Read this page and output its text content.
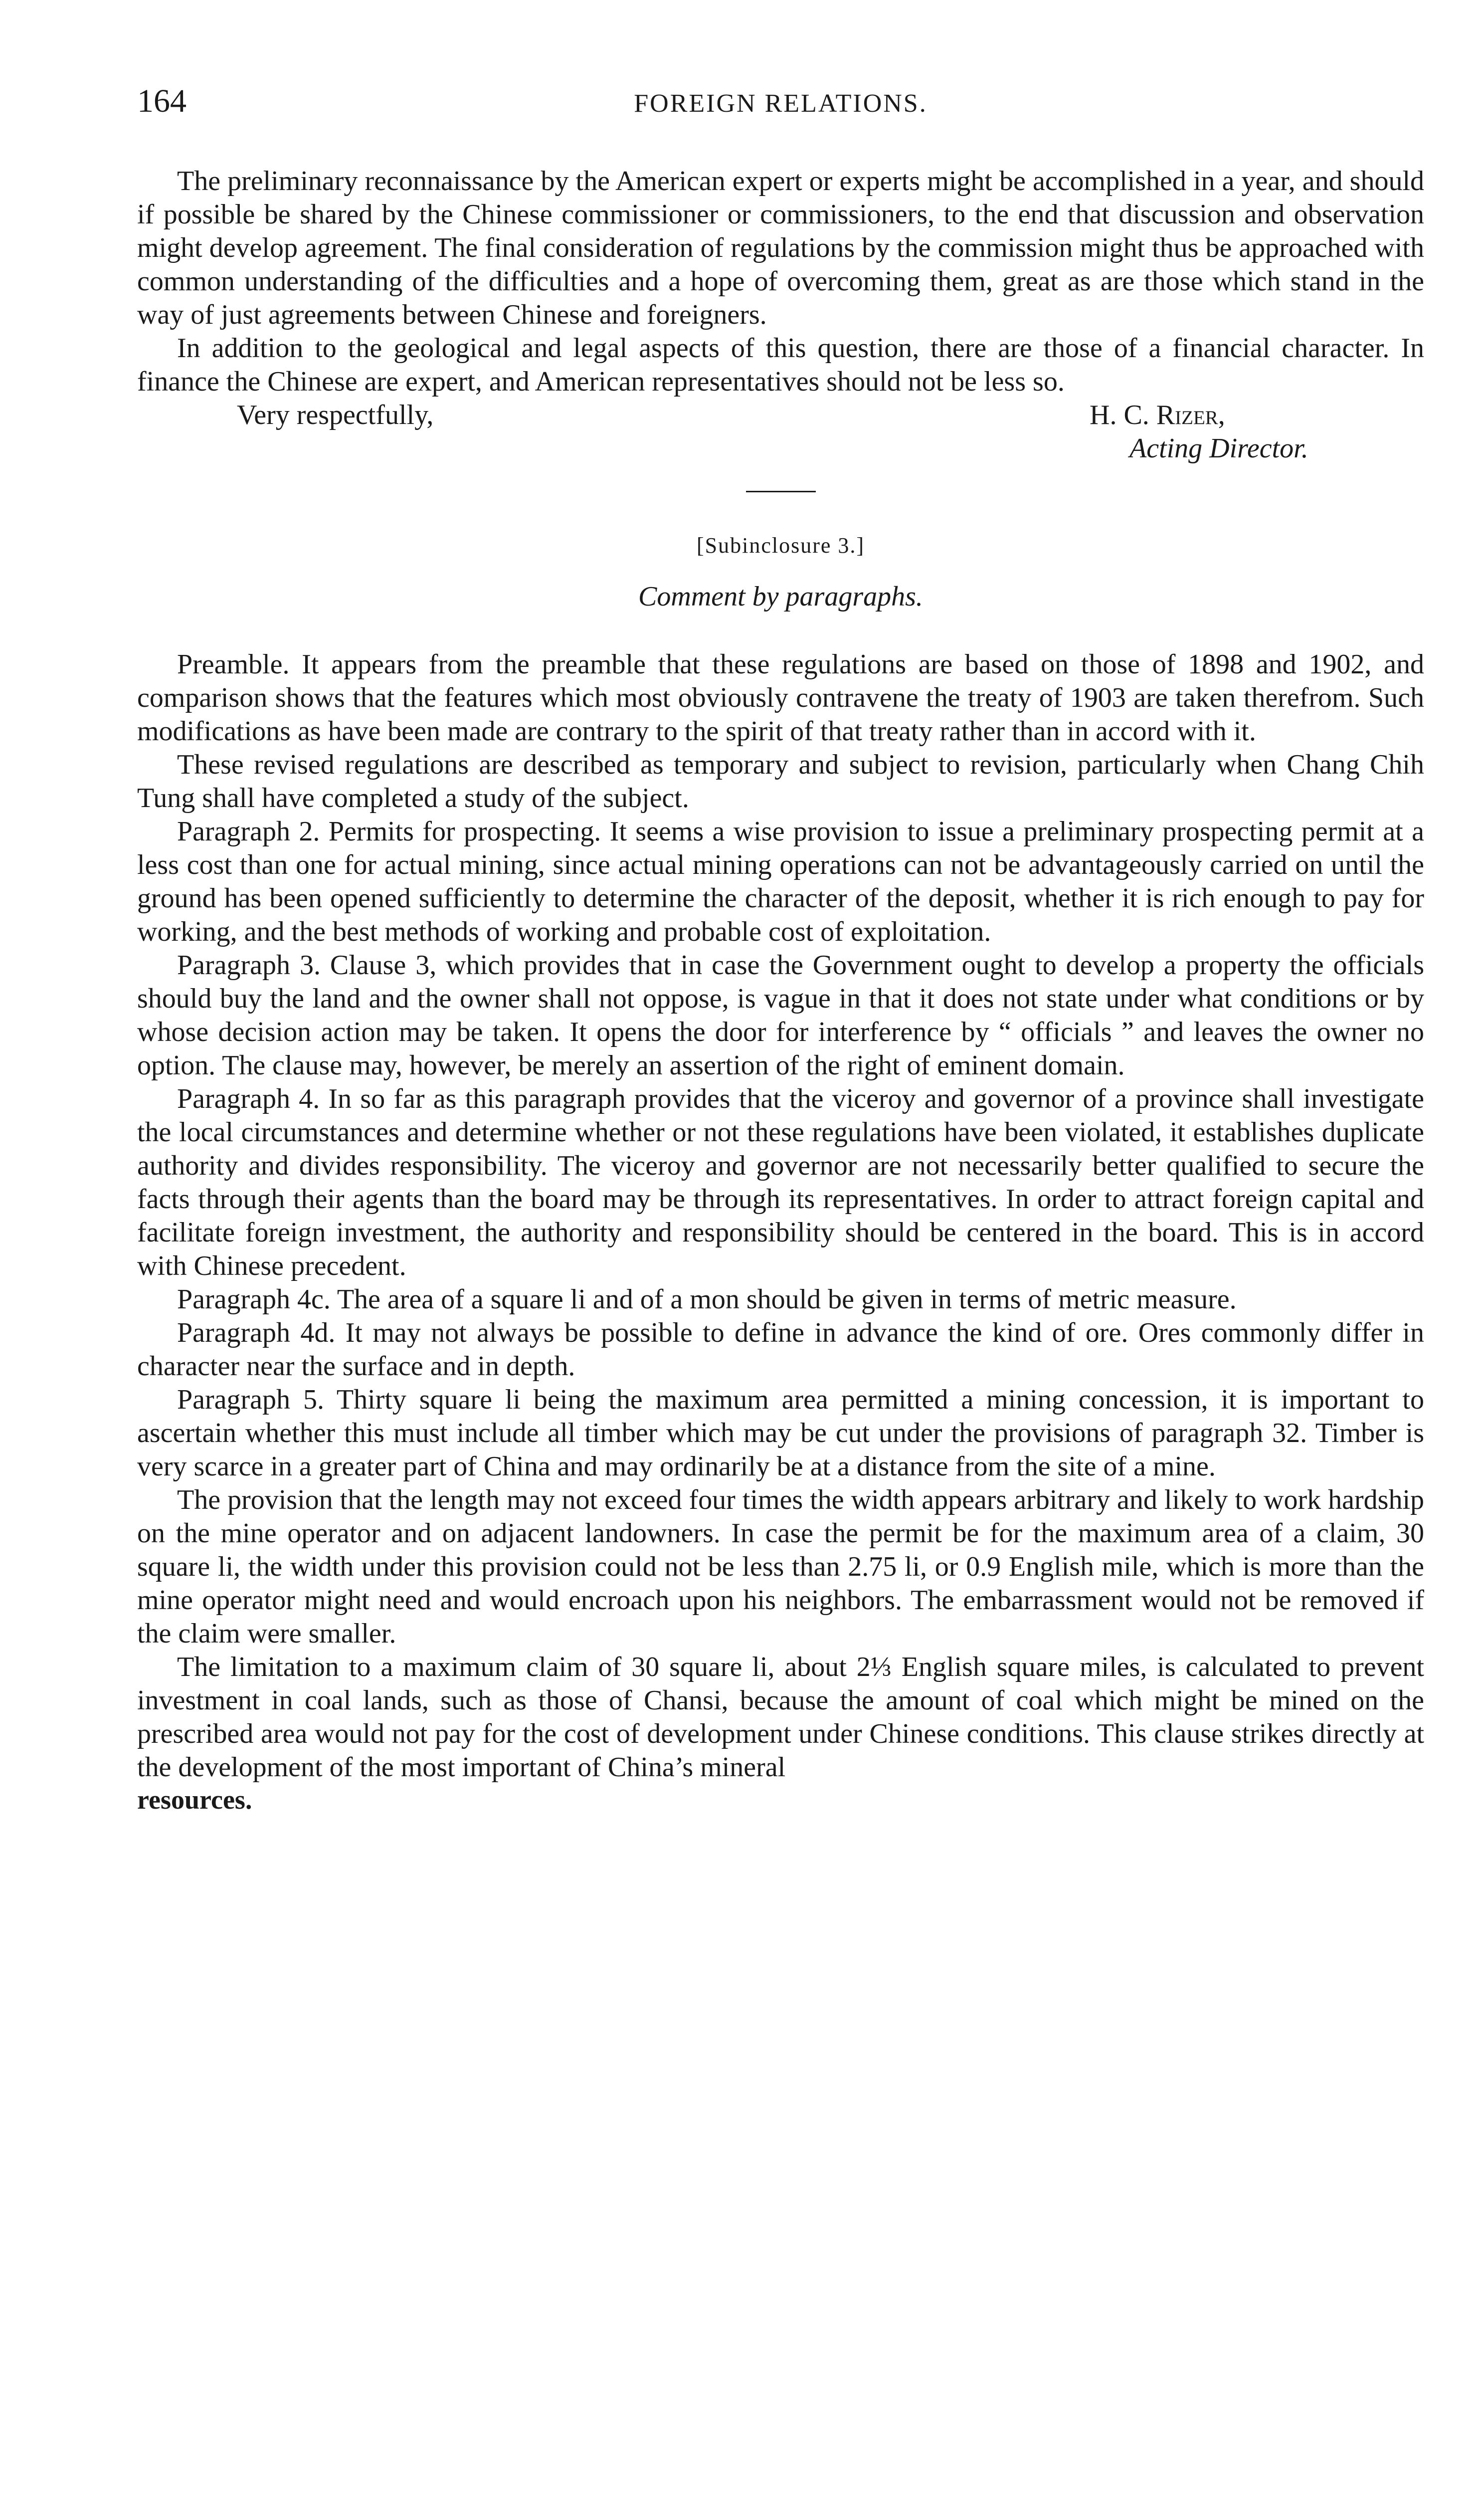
164	FOREIGN RELATIONS.

The preliminary reconnaissance by the American expert or experts might be accomplished in a year, and should if possible be shared by the Chinese commissioner or commissioners, to the end that discussion and observation might develop agreement. The final consideration of regulations by the commission might thus be approached with common understanding of the difficulties and a hope of overcoming them, great as are those which stand in the way of just agreements between Chinese and foreigners.

In addition to the geological and legal aspects of this question, there are those of a financial character. In finance the Chinese are expert, and American representatives should not be less so.

Very respectfully,	H. C. Rizer,
Acting Director.
[Subinclosure 3.]
Comment by paragraphs.

Preamble. It appears from the preamble that these regulations are based on those of 1898 and 1902, and comparison shows that the features which most obviously contravene the treaty of 1903 are taken therefrom. Such modifications as have been made are contrary to the spirit of that treaty rather than in accord with it.

These revised regulations are described as temporary and subject to revision, particularly when Chang Chih Tung shall have completed a study of the subject.

Paragraph 2. Permits for prospecting. It seems a wise provision to issue a preliminary prospecting permit at a less cost than one for actual mining, since actual mining operations can not be advantageously carried on until the ground has been opened sufficiently to determine the character of the deposit, whether it is rich enough to pay for working, and the best methods of working and probable cost of exploitation.

Paragraph 3. Clause 3, which provides that in case the Government ought to develop a property the officials should buy the land and the owner shall not oppose, is vague in that it does not state under what conditions or by whose decision action may be taken. It opens the door for interference by “ officials ” and leaves the owner no option. The clause may, however, be merely an assertion of the right of eminent domain.

Paragraph 4. In so far as this paragraph provides that the viceroy and governor of a province shall investigate the local circumstances and determine whether or not these regulations have been violated, it establishes duplicate authority and divides responsibility. The viceroy and governor are not necessarily better qualified to secure the facts through their agents than the board may be through its representatives. In order to attract foreign capital and facilitate foreign investment, the authority and responsibility should be centered in the board. This is in accord with Chinese precedent.

Paragraph 4c. The area of a square li and of a mon should be given in terms of metric measure.

Paragraph 4d. It may not always be possible to define in advance the kind of ore. Ores commonly differ in character near the surface and in depth.

Paragraph 5. Thirty square li being the maximum area permitted a mining concession, it is important to ascertain whether this must include all timber which may be cut under the provisions of paragraph 32. Timber is very scarce in a greater part of China and may ordinarily be at a distance from the site of a mine.

The provision that the length may not exceed four times the width appears arbitrary and likely to work hardship on the mine operator and on adjacent landowners. In case the permit be for the maximum area of a claim, 30 square li, the width under this provision could not be less than 2.75 li, or 0.9 English mile, which is more than the mine operator might need and would encroach upon his neighbors. The embarrassment would not be removed if the claim were smaller.

The limitation to a maximum claim of 30 square li, about 2⅓ English square miles, is calculated to prevent investment in coal lands, such as those of Chansi, because the amount of coal which might be mined on the prescribed area would not pay for the cost of development under Chinese conditions. This clause strikes directly at the development of the most important of China’s mineral

resources.
